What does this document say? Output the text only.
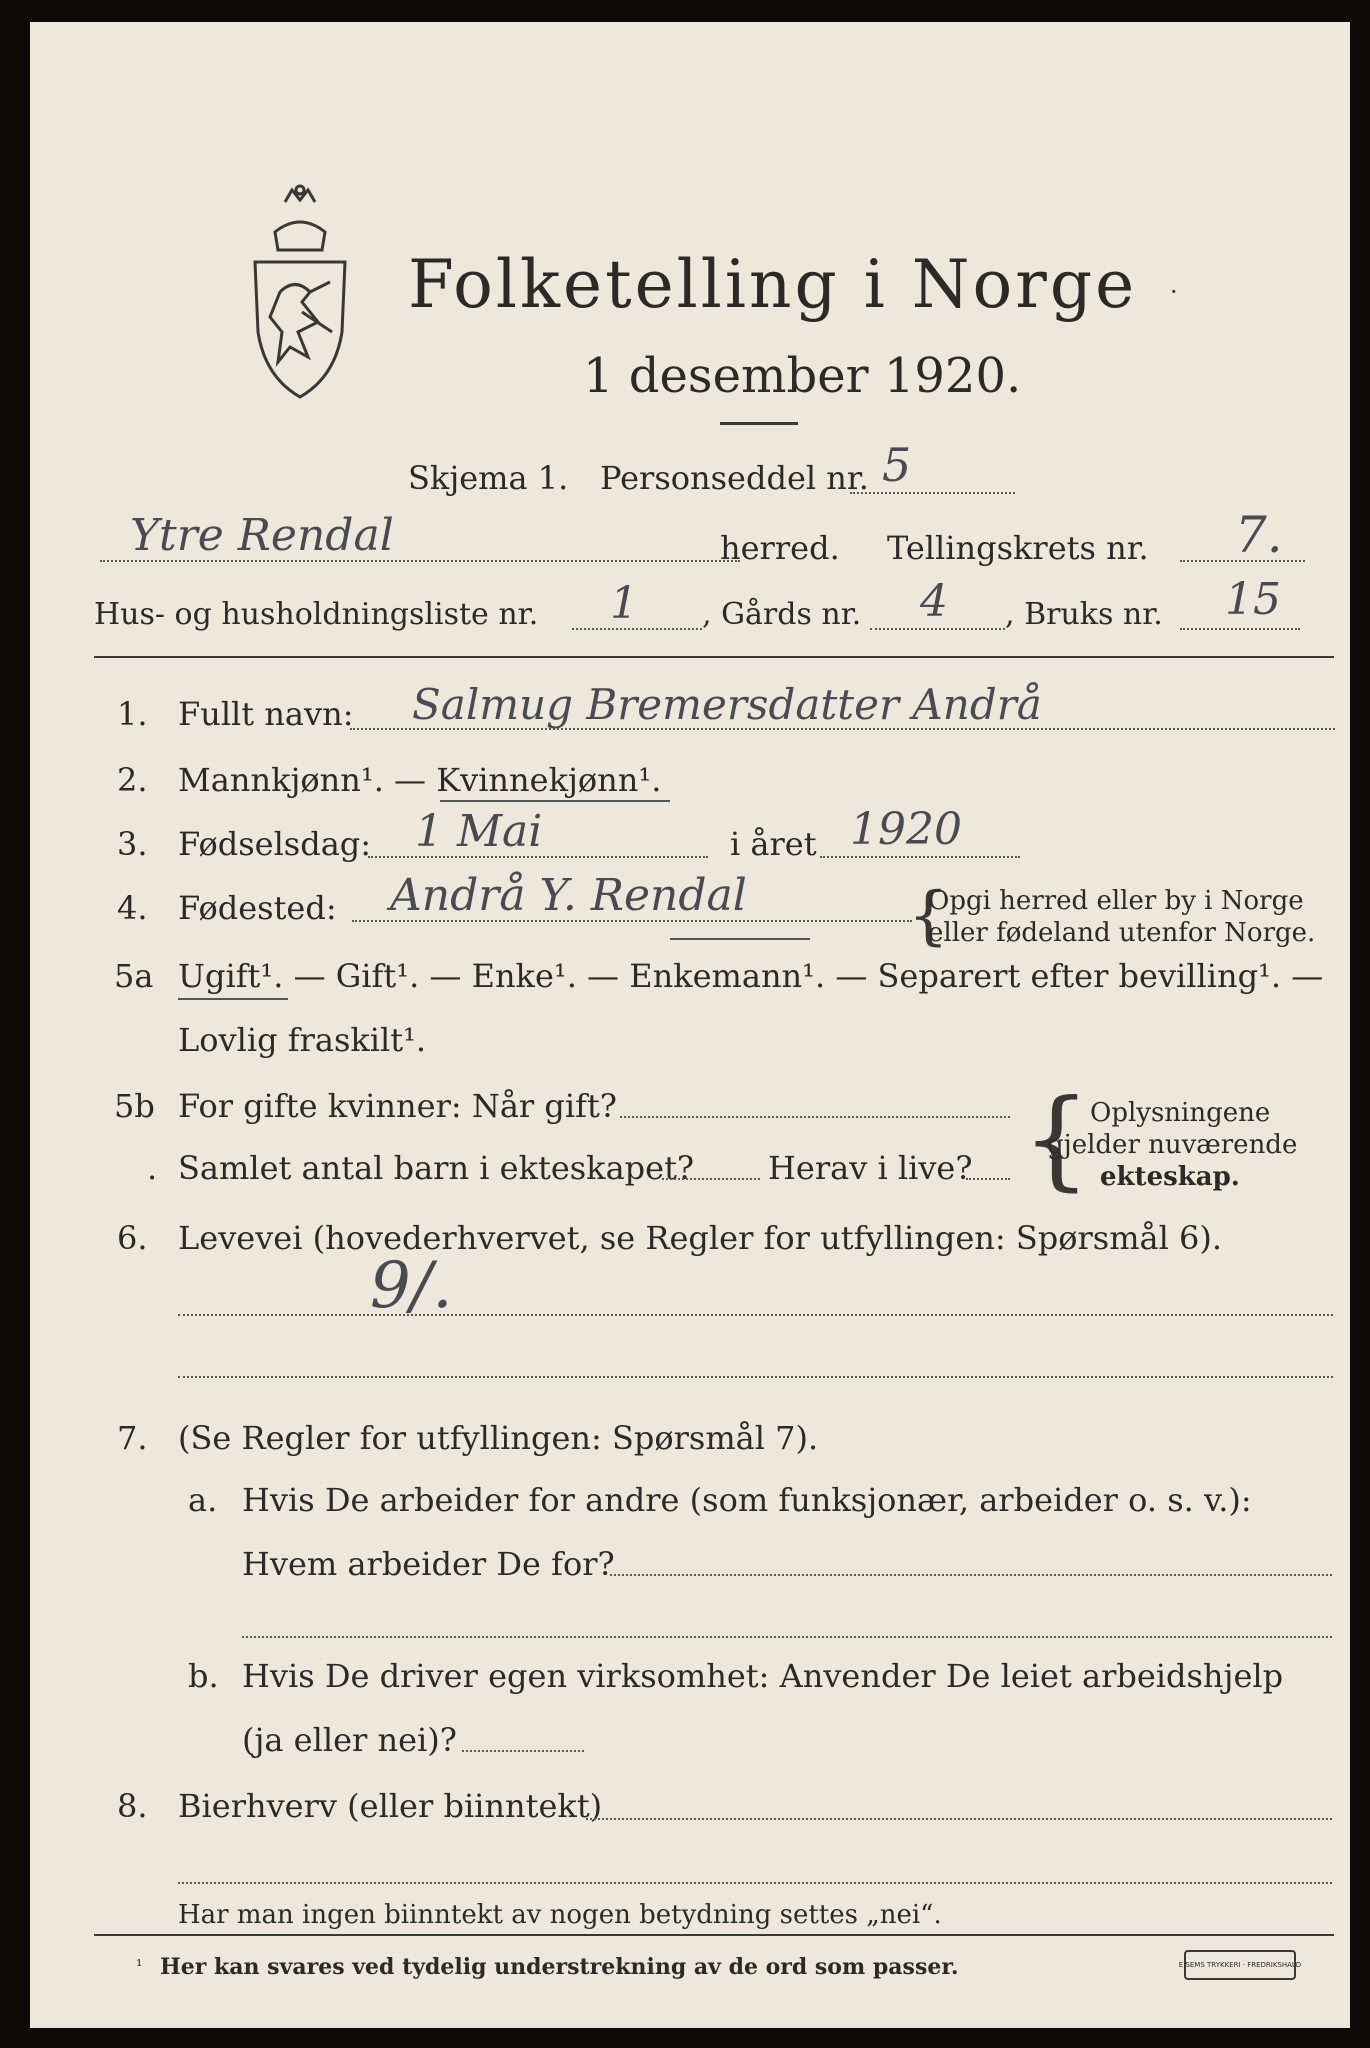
Folketelling i Norge ·
1 desember 1920.
Skjema 1. Personseddel nr. 5
Ytre Rendal	herred. Tellingskrets nr. 7.
Hus- og husholdningsliste nr. 1 , Gårds nr. 4 , Bruks nr. 15
1. Fullt navn: Salmug Bremersdatter Andrå
2. Mannkjønn¹. — Kvinnekjønn¹.
3. Fødselsdag: 1 Mai	i året 1920
4. Fødested: Andrå Y. Rendal	{
Opgi herred eller by i Norge
eller fødeland utenfor Norge.
5a Ugift¹. — Gift¹. — Enke¹. — Enkemann¹. — Separert efter bevilling¹. —
Lovlig fraskilt¹.
5b For gifte kvinner: Når gift?
. Samlet antal barn i ekteskapet? Herav i live? { Oplysningene
gjelder nuværende
ekteskap.
6. Levevei (hovederhvervet, se Regler for utfyllingen: Spørsmål 6).
9/.
7. (Se Regler for utfyllingen: Spørsmål 7).
a. Hvis De arbeider for andre (som funksjonær, arbeider o. s. v.):
Hvem arbeider De for?
b. Hvis De driver egen virksomhet: Anvender De leiet arbeidshjelp
(ja eller nei)?
8. Bierhverv (eller biinntekt)
Har man ingen biinntekt av nogen betydning settes „nei“.
¹ Her kan svares ved tydelig understrekning av de ord som passer.	E.SEMS TRYKKERI · FREDRIKSHALD
